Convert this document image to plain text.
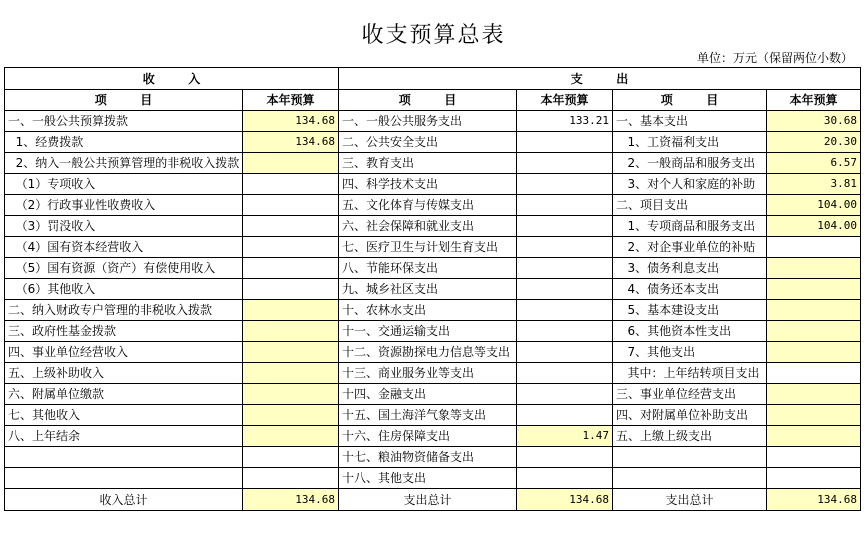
收支预算总表
单位：万元（保留两位小数）
收        入		支        出			
项        目	本年预算	项        目	本年预算	项        目	本年预算
一、一般公共预算拨款	134.68	一、一般公共服务支出	133.21	一、基本支出	30.68
1、经费拨款	134.68	二、公共安全支出		1、工资福利支出	20.30
2、纳入一般公共预算管理的非税收入拨款		三、教育支出		2、一般商品和服务支出	6.57
（1）专项收入		四、科学技术支出		3、对个人和家庭的补助	3.81
（2）行政事业性收费收入		五、文化体育与传媒支出		二、项目支出	104.00
（3）罚没收入		六、社会保障和就业支出		1、专项商品和服务支出	104.00
（4）国有资本经营收入		七、医疗卫生与计划生育支出		2、对企事业单位的补贴	
（5）国有资源（资产）有偿使用收入		八、节能环保支出		3、债务利息支出	
（6）其他收入		九、城乡社区支出		4、债务还本支出	
二、纳入财政专户管理的非税收入拨款		十、农林水支出		5、基本建设支出	
三、政府性基金拨款		十一、交通运输支出		6、其他资本性支出	
四、事业单位经营收入		十二、资源勘探电力信息等支出		7、其他支出	
五、上级补助收入		十三、商业服务业等支出		其中：上年结转项目支出	
六、附属单位缴款		十四、金融支出		三、事业单位经营支出	
七、其他收入		十五、国土海洋气象等支出		四、对附属单位补助支出	
八、上年结余		十六、住房保障支出	1.47	五、上缴上级支出	
		十七、粮油物资储备支出			
		十八、其他支出			
收入总计	134.68	支出总计	134.68	支出总计	134.68
